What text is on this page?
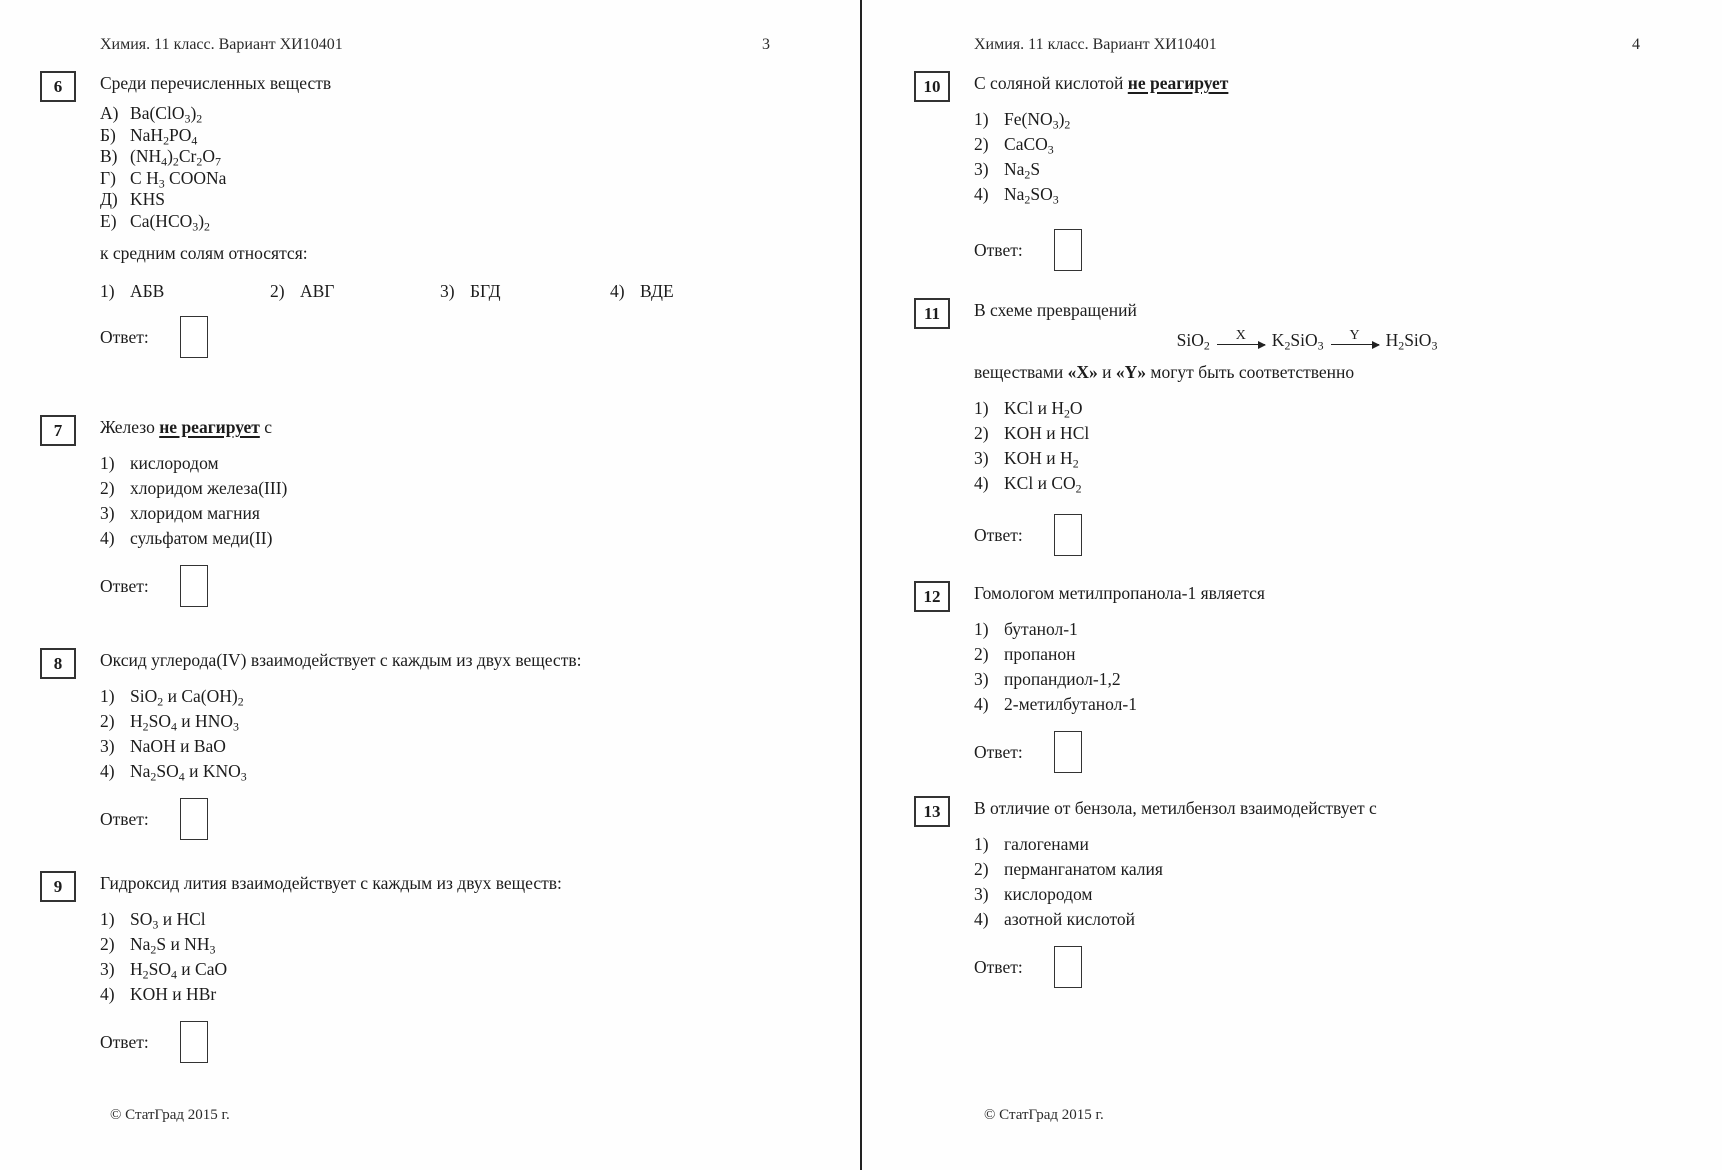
Химия. 11 класс. Вариант ХИ10401	3
6	Среди перечисленных веществ

А) $Ba(ClO_3)_2$
Б) $NaH_2PO_4$
В) $(NH_4)_2Cr_2O_7$
Г) C $H_3$ COONa
Д) KHS
Е) $Ca(HCO_3)_2$

к средним солям относятся:

1) АБВ	2) АВГ	3) БГД	4) ВДЕ
Ответ:
7	Железо не реагирует с

1) кислородом
2) хлоридом железа(III)
3) хлоридом магния
4) сульфатом меди(II)
Ответ:
8	Оксид углерода(IV) взаимодействует с каждым из двух веществ:

1) SiO$_2$ и $Ca(OH)_2$
2) $H_2SO_4$ и $HNO_3$
3) NaOH и BaO
4) $Na_2SO_4$ и $KNO_3$
Ответ:
9	Гидроксид лития взаимодействует с каждым из двух веществ:

1) $SO_3$ и HCl
2) $Na_2S$ и $NH_3$
3) $H_2SO_4$ и CaO
4) KOH и HBr
Ответ:
© СтатГрад 2015 г.
Химия. 11 класс. Вариант ХИ10401	4
10	С соляной кислотой не реагирует

1) $Fe(NO_3)_2$
2) CaCO$_3$
3) $Na_2S$
4) $Na_2SO_3$
Ответ:
11	В схеме превращений

SiO$_2$
X $K_2SiO_3$
Y $H_2SiO_3$

веществами «X» и «Y» могут быть соответственно

1) KCl и $H_2O$
2) KOH и HCl
3) KOH и $H_2$
4) KCl и $CO_2$
Ответ:
12	Гомологом метилпропанола-1 является

1) бутанол-1
2) пропанон
3) пропандиол-1,2
4) 2-метилбутанол-1
Ответ:
13	В отличие от бензола, метилбензол взаимодействует с

1) галогенами
2) перманганатом калия
3) кислородом
4) азотной кислотой
Ответ:
© СтатГрад 2015 г.
